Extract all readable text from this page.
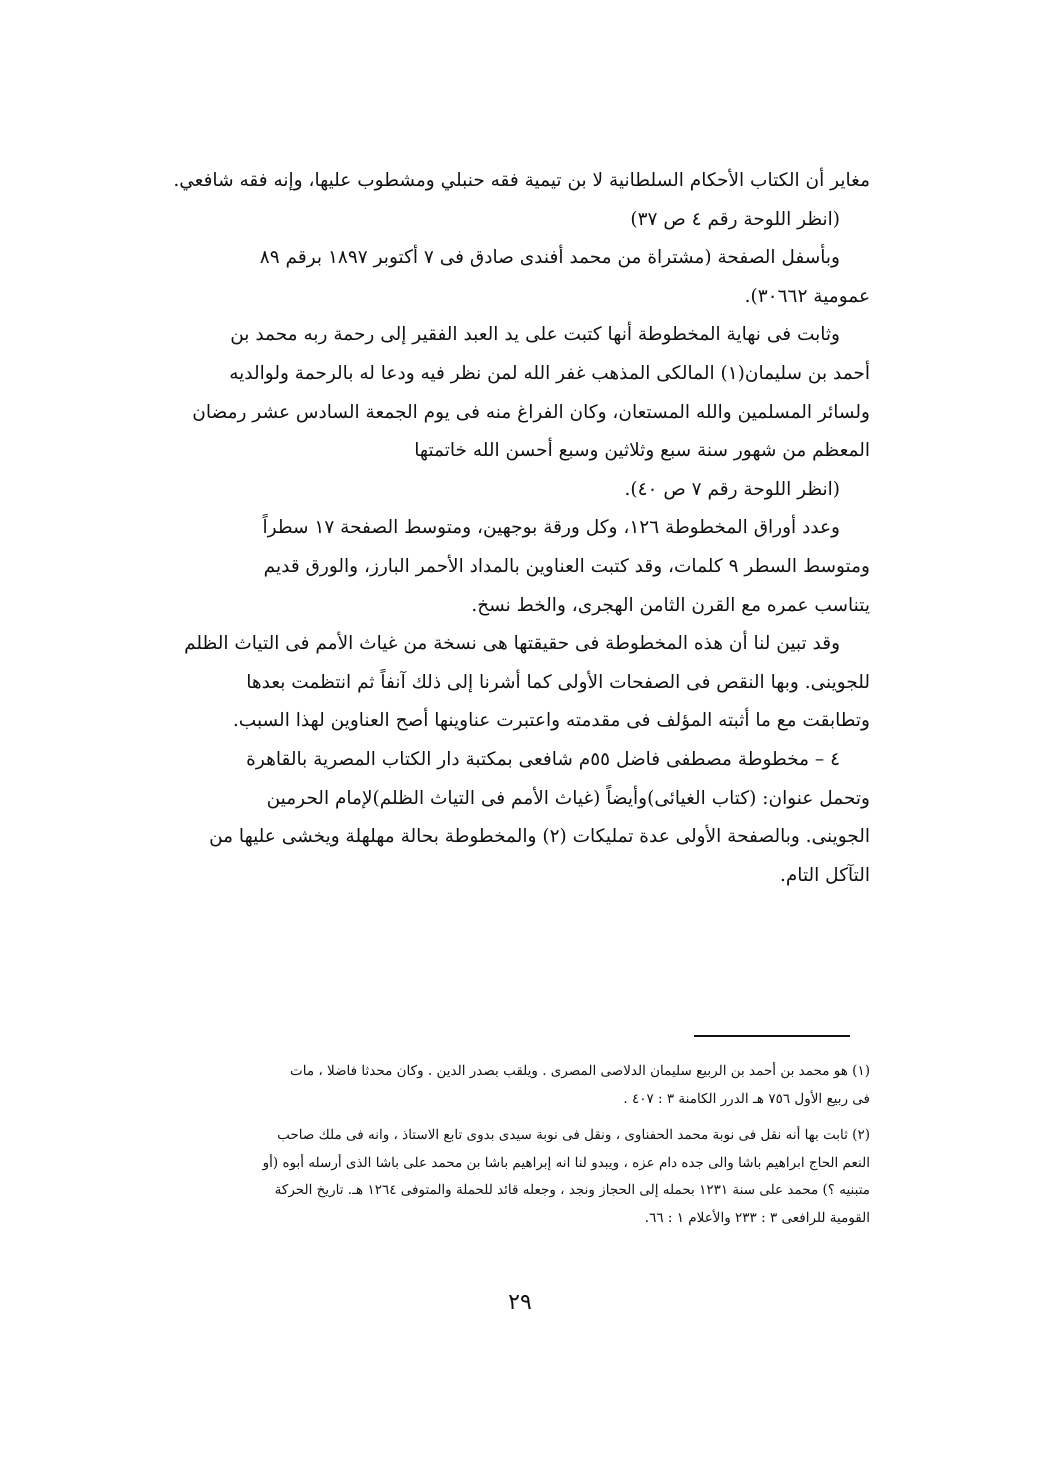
مغاير أن الكتاب الأحكام السلطانية لا بن تيمية فقه حنبلي ومشطوب عليها، وإنه فقه شافعي.
(انظر اللوحة رقم ٤ ص ٣٧)
وبأسفل الصفحة (مشتراة من محمد أفندى صادق فى ٧ أكتوبر ١٨٩٧ برقم ٨٩
عمومية ٣٠٦٦٢).
وثابت فى نهاية المخطوطة أنها كتبت على يد العبد الفقير إلى رحمة ربه محمد بن
أحمد بن سليمان(١) المالكى المذهب غفر الله لمن نظر فيه ودعا له بالرحمة ولوالديه
ولسائر المسلمين والله المستعان، وكان الفراغ منه فى يوم الجمعة السادس عشر رمضان
المعظم من شهور سنة سبع وثلاثين وسبع أحسن الله خاتمتها
(انظر اللوحة رقم ٧ ص ٤٠).
وعدد أوراق المخطوطة ١٢٦، وكل ورقة بوجهين، ومتوسط الصفحة ١٧ سطراً
ومتوسط السطر ٩ كلمات، وقد كتبت العناوين بالمداد الأحمر البارز، والورق قديم
يتناسب عمره مع القرن الثامن الهجرى، والخط نسخ.
وقد تبين لنا أن هذه المخطوطة فى حقيقتها هى نسخة من غياث الأمم فى التياث الظلم
للجوينى. وبها النقص فى الصفحات الأولى كما أشرنا إلى ذلك آنفاً ثم انتظمت بعدها
وتطابقت مع ما أثبته المؤلف فى مقدمته واعتبرت عناوينها أصح العناوين لهذا السبب.
٤ – مخطوطة مصطفى فاضل ٥٥م شافعى بمكتبة دار الكتاب المصرية بالقاهرة
وتحمل عنوان: (كتاب الغيائى)وأيضاً (غياث الأمم فى التياث الظلم)لإمام الحرمين
الجوينى. وبالصفحة الأولى عدة تمليكات (٢) والمخطوطة بحالة مهلهلة ويخشى عليها من
التآكل التام.
(١) هو محمد بن أحمد بن الربيع سليمان الدلاصى المصرى . ويلقب بصدر الدين . وكان محدثا فاضلا ، مات
فى ربيع الأول ٧٥٦ هـ الدرر الكامنة ٣ : ٤٠٧ .
(٢) ثابت بها أنه نقل فى نوبة محمد الحفناوى ، ونقل فى نوبة سيدى بدوى تابع الاستاذ ، وانه فى ملك صاحب
النعم الحاج ابراهيم باشا والى جده دام عزه ، ويبدو لنا انه إبراهيم باشا بن محمد على باشا الذى أرسله أبوه (أو
متبنيه ؟) محمد على سنة ١٢٣١ بحمله إلى الحجاز ونجد ، وجعله قائد للحملة والمتوفى ١٢٦٤ هـ. تاريخ الحركة
القومية للرافعى ٣ : ٢٣٣ والأعلام ١ : ٦٦.
٢٩
